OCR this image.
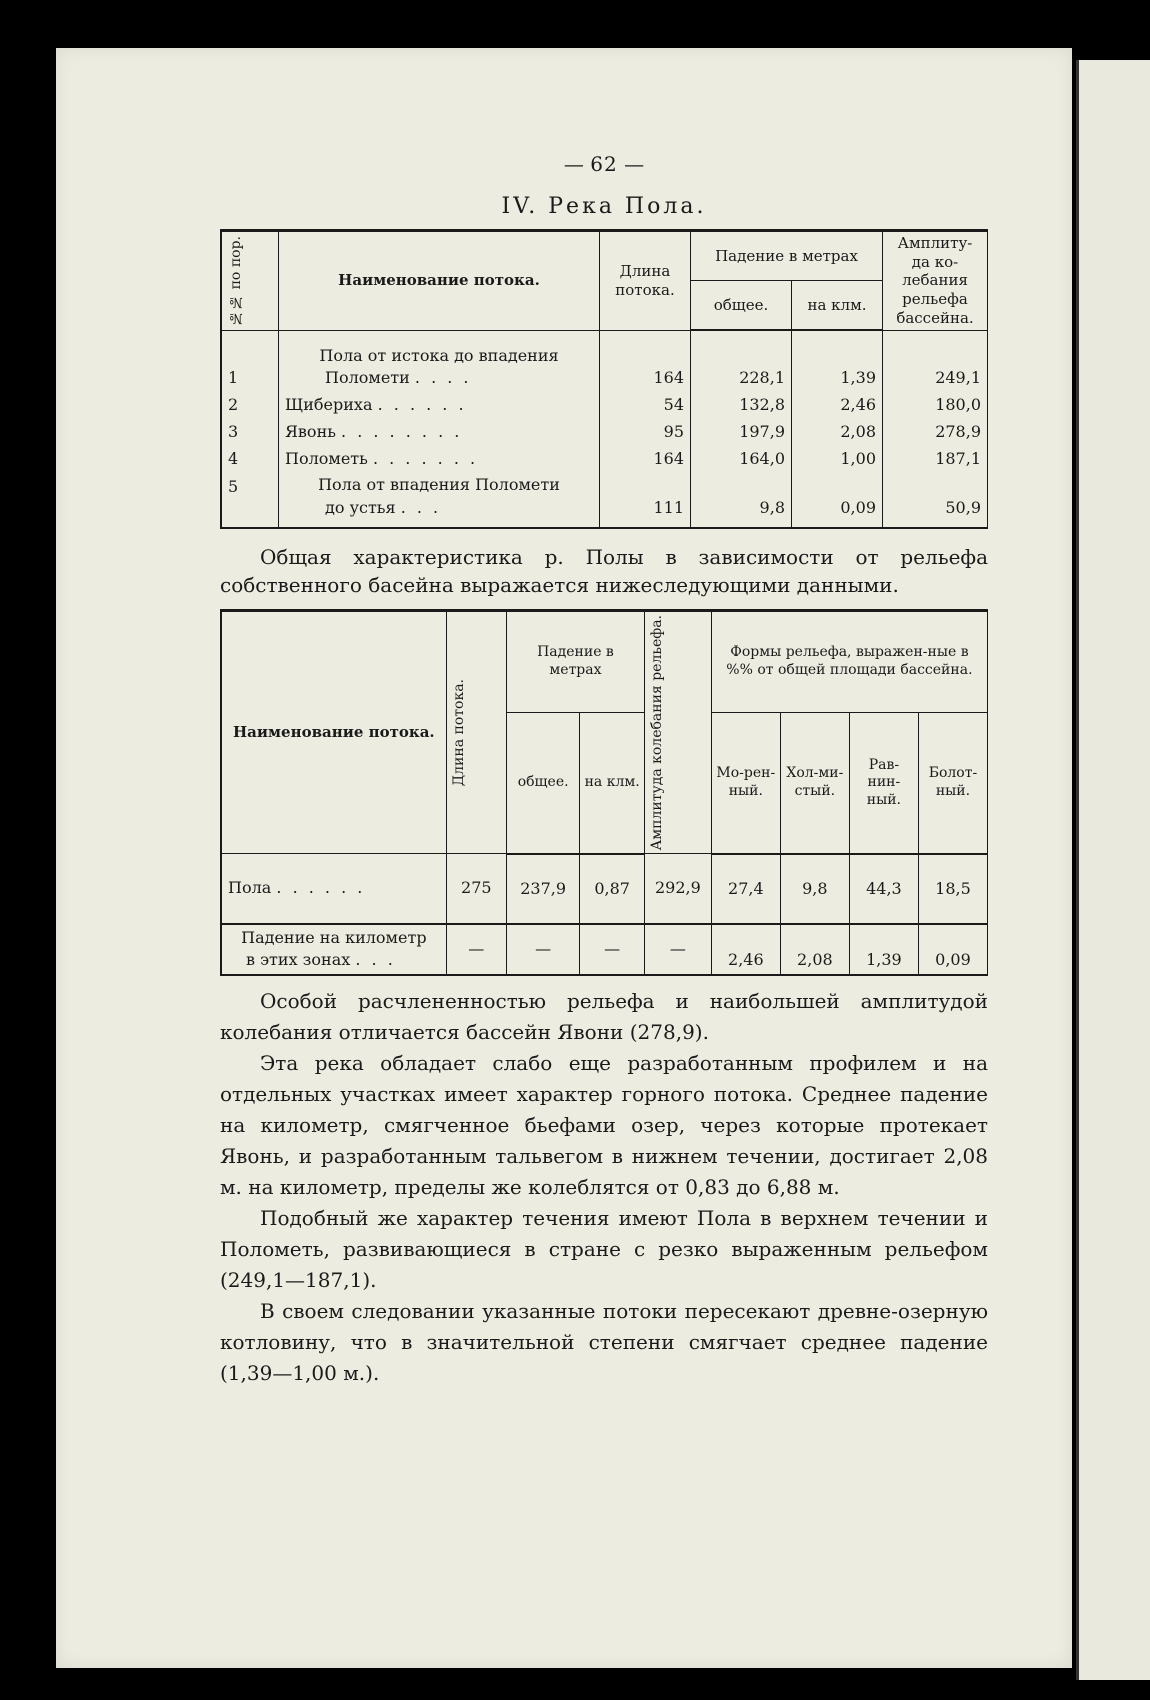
— 62 —
IV. Река Пола.
№№ по пор.	Наименование потока.	Длина потока.	Падение в метрах		Амплиту-да ко-лебания рельефа бассейна.
			общее.	на клм.	
1	Пола от истока до впадения
Поломети . . . .	164	228,1	1,39	249,1
2	Щибериха . . . . . .	54	132,8	2,46	180,0
3	Явонь . . . . . . . .	95	197,9	2,08	278,9
4	Полометь . . . . . . .	164	164,0	1,00	187,1
5	Пола от впадения Поломети
до устья . . .	111	9,8	0,09	50,9

Общая характеристика р. Полы в зависимости от рельефа собственного басейна выражается нижеследующими данными.

Наименование потока.	Длина потока.	Падение в метрах		Амплитуда колебания рельефа.	Формы рельефа, выражен-ные в %% от общей площади бассейна.			
		общее.	на клм.		Мо-рен-ный.	Хол-ми-стый.	Рав-нин-ный.	Болот-ный.
Пола . . . . . .	275	237,9	0,87	292,9	27,4	9,8	44,3	18,5

Падение на километр
в этих зонах . . .	—	—	—	—	2,46	2,08	1,39	0,09

Особой расчлененностью рельефа и наибольшей амплитудой колебания отличается бассейн Явони (278,9).

Эта река обладает слабо еще разработанным профилем и на отдельных участках имеет характер горного потока. Среднее падение на километр, смягченное бьефами озер, через которые протекает Явонь, и разработанным тальвегом в нижнем течении, достигает 2,08 м. на километр, пределы же колеблятся от 0,83 до 6,88 м.

Подобный же характер течения имеют Пола в верхнем течении и Полометь, развивающиеся в стране с резко выраженным рельефом (249,1—187,1).

В своем следовании указанные потоки пересекают древне-озерную котловину, что в значительной степени смягчает среднее падение (1,39—1,00 м.).
